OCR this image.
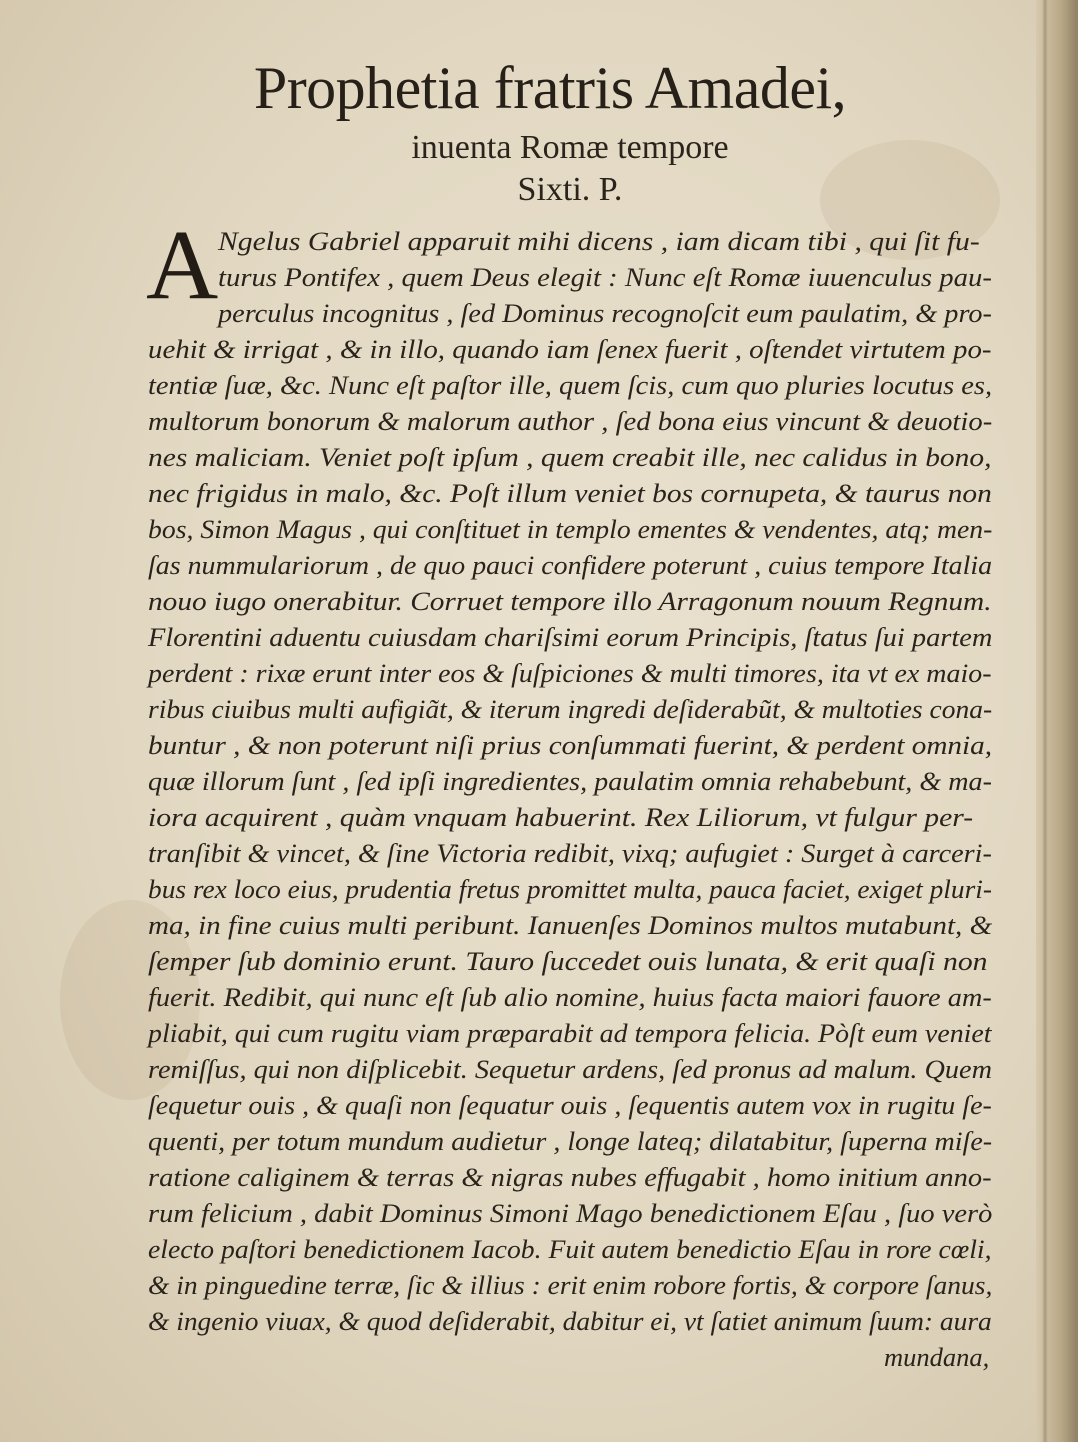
Prophetia fratris Amadei,
inuenta Romæ tempore
Sixti. P.
A Ngelus Gabriel apparuit mihi dicens , iam dicam tibi , qui ſit fu-
turus Pontifex , quem Deus elegit : Nunc eſt Romæ iuuenculus pau-
perculus incognitus , ſed Dominus recognoſcit eum paulatim, & pro-
uehit & irrigat , & in illo, quando iam ſenex fuerit , oſtendet virtutem po-
tentiæ ſuæ, &c. Nunc eſt paſtor ille, quem ſcis, cum quo pluries locutus es,
multorum bonorum & malorum author , ſed bona eius vincunt & deuotio-
nes maliciam. Veniet poſt ipſum , quem creabit ille, nec calidus in bono,
nec frigidus in malo, &c. Poſt illum veniet bos cornupeta, & taurus non
bos, Simon Magus , qui conſtituet in templo ementes & vendentes, atq; men-
ſas nummulariorum , de quo pauci confidere poterunt , cuius tempore Italia
nouo iugo onerabitur. Corruet tempore illo Arragonum nouum Regnum.
Florentini aduentu cuiusdam chariſsimi eorum Principis, ſtatus ſui partem
perdent : rixæ erunt inter eos & ſuſpiciones & multi timores, ita vt ex maio-
ribus ciuibus multi aufigiãt, & iterum ingredi deſiderabũt, & multoties cona-
buntur , & non poterunt niſi prius conſummati fuerint, & perdent omnia,
quæ illorum ſunt , ſed ipſi ingredientes, paulatim omnia rehabebunt, & ma-
iora acquirent , quàm vnquam habuerint. Rex Liliorum, vt fulgur per-
tranſibit & vincet, & ſine Victoria redibit, vixq; aufugiet : Surget à carceri-
bus rex loco eius, prudentia fretus promittet multa, pauca faciet, exiget pluri-
ma, in fine cuius multi peribunt. Ianuenſes Dominos multos mutabunt, &
ſemper ſub dominio erunt. Tauro ſuccedet ouis lunata, & erit quaſi non
fuerit. Redibit, qui nunc eſt ſub alio nomine, huius facta maiori fauore am-
pliabit, qui cum rugitu viam præparabit ad tempora felicia. Pòſt eum veniet
remiſſus, qui non diſplicebit. Sequetur ardens, ſed pronus ad malum. Quem
ſequetur ouis , & quaſi non ſequatur ouis , ſequentis autem vox in rugitu ſe-
quenti, per totum mundum audietur , longe lateq; dilatabitur, ſuperna miſe-
ratione caliginem & terras & nigras nubes effugabit , homo initium anno-
rum felicium , dabit Dominus Simoni Mago benedictionem Eſau , ſuo verò
electo paſtori benedictionem Iacob. Fuit autem benedictio Eſau in rore cœli,
& in pinguedine terræ, ſic & illius : erit enim robore fortis, & corpore ſanus,
& ingenio viuax, & quod deſiderabit, dabitur ei, vt ſatiet animum ſuum: aura
mundana,
